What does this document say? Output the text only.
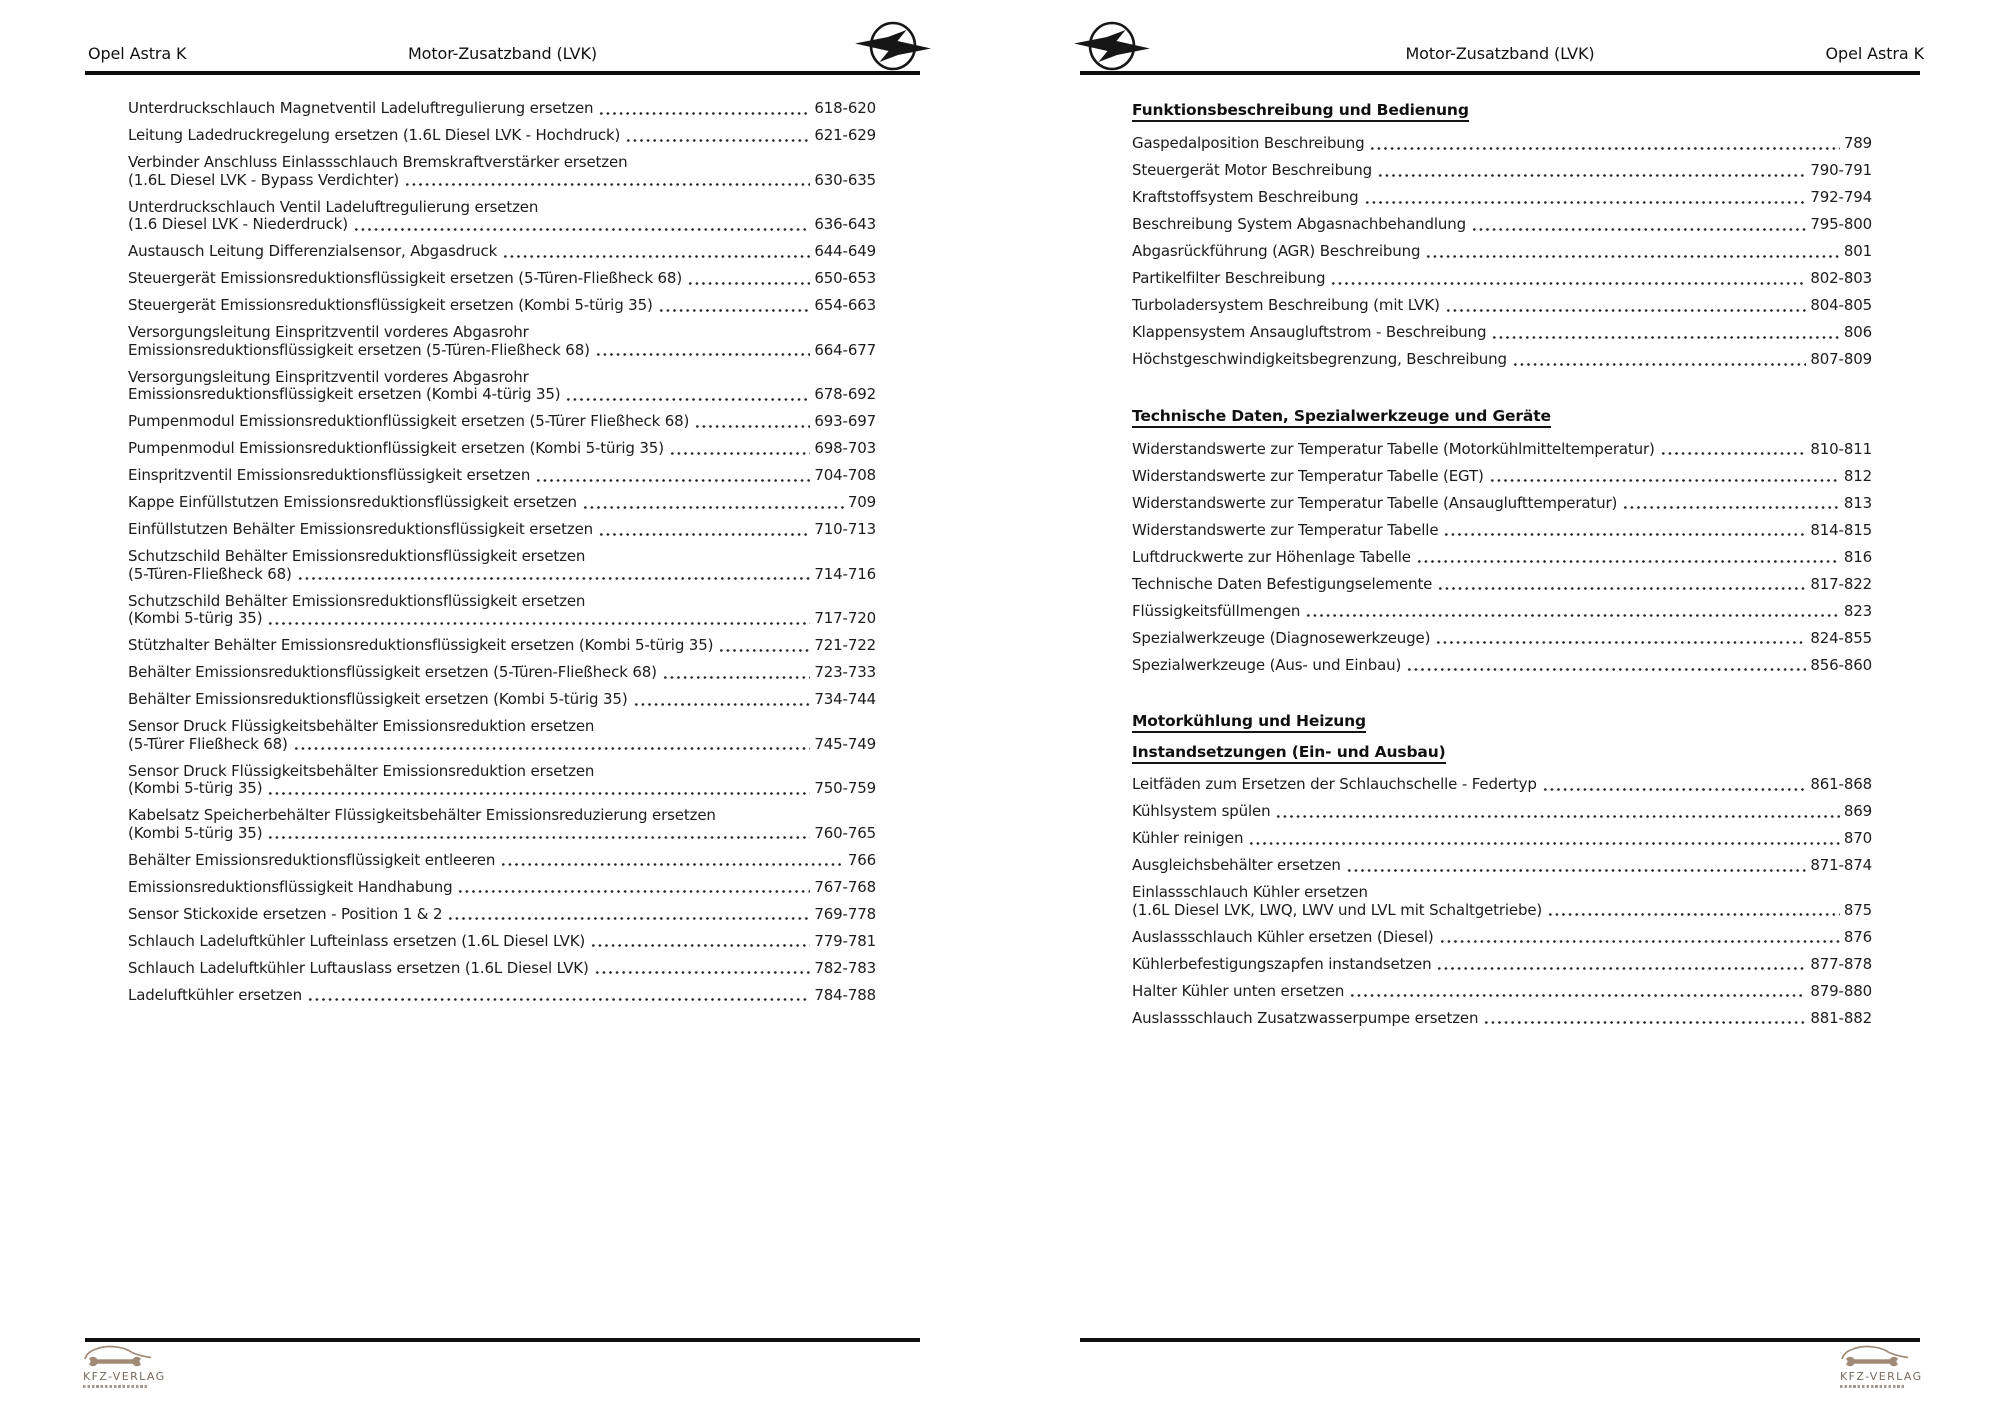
Opel Astra K	Motor-Zusatzband (LVK)
Unterdruckschlauch Magnetventil Ladeluftregulierung ersetzen	618-620
Leitung Ladedruckregelung ersetzen (1.6L Diesel LVK - Hochdruck)	621-629
Verbinder Anschluss Einlassschlauch Bremskraftverstärker ersetzen
(1.6L Diesel LVK - Bypass Verdichter)	630-635
Unterdruckschlauch Ventil Ladeluftregulierung ersetzen
(1.6 Diesel LVK - Niederdruck)	636-643
Austausch Leitung Differenzialsensor, Abgasdruck	644-649
Steuergerät Emissionsreduktionsflüssigkeit ersetzen (5-Türen-Fließheck 68)	650-653
Steuergerät Emissionsreduktionsflüssigkeit ersetzen (Kombi 5-türig 35)	654-663
Versorgungsleitung Einspritzventil vorderes Abgasrohr
Emissionsreduktionsflüssigkeit ersetzen (5-Türen-Fließheck 68)	664-677
Versorgungsleitung Einspritzventil vorderes Abgasrohr
Emissionsreduktionsflüssigkeit ersetzen (Kombi 4-türig 35)	678-692
Pumpenmodul Emissionsreduktionflüssigkeit ersetzen (5-Türer Fließheck 68)	693-697
Pumpenmodul Emissionsreduktionflüssigkeit ersetzen (Kombi 5-türig 35)	698-703
Einspritzventil Emissionsreduktionsflüssigkeit ersetzen	704-708
Kappe Einfüllstutzen Emissionsreduktionsflüssigkeit ersetzen	709
Einfüllstutzen Behälter Emissionsreduktionsflüssigkeit ersetzen	710-713
Schutzschild Behälter Emissionsreduktionsflüssigkeit ersetzen
(5-Türen-Fließheck 68)	714-716
Schutzschild Behälter Emissionsreduktionsflüssigkeit ersetzen
(Kombi 5-türig 35)	717-720
Stützhalter Behälter Emissionsreduktionsflüssigkeit ersetzen (Kombi 5-türig 35)	721-722
Behälter Emissionsreduktionsflüssigkeit ersetzen (5-Türen-Fließheck 68)	723-733
Behälter Emissionsreduktionsflüssigkeit ersetzen (Kombi 5-türig 35)	734-744
Sensor Druck Flüssigkeitsbehälter Emissionsreduktion ersetzen
(5-Türer Fließheck 68)	745-749
Sensor Druck Flüssigkeitsbehälter Emissionsreduktion ersetzen
(Kombi 5-türig 35)	750-759
Kabelsatz Speicherbehälter Flüssigkeitsbehälter Emissionsreduzierung ersetzen
(Kombi 5-türig 35)	760-765
Behälter Emissionsreduktionsflüssigkeit entleeren	766
Emissionsreduktionsflüssigkeit Handhabung	767-768
Sensor Stickoxide ersetzen - Position 1 & 2	769-778
Schlauch Ladeluftkühler Lufteinlass ersetzen (1.6L Diesel LVK)	779-781
Schlauch Ladeluftkühler Luftauslass ersetzen (1.6L Diesel LVK)	782-783
Ladeluftkühler ersetzen	784-788
KFZ-VERLAG
Motor-Zusatzband (LVK)	Opel Astra K
Funktionsbeschreibung und Bedienung
Gaspedalposition Beschreibung	789
Steuergerät Motor Beschreibung	790-791
Kraftstoffsystem Beschreibung	792-794
Beschreibung System Abgasnachbehandlung	795-800
Abgasrückführung (AGR) Beschreibung	801
Partikelfilter Beschreibung	802-803
Turboladersystem Beschreibung (mit LVK)	804-805
Klappensystem Ansaugluftstrom - Beschreibung	806
Höchstgeschwindigkeitsbegrenzung, Beschreibung	807-809
Technische Daten, Spezialwerkzeuge und Geräte
Widerstandswerte zur Temperatur Tabelle (Motorkühlmitteltemperatur)	810-811
Widerstandswerte zur Temperatur Tabelle (EGT)	812
Widerstandswerte zur Temperatur Tabelle (Ansauglufttemperatur)	813
Widerstandswerte zur Temperatur Tabelle	814-815
Luftdruckwerte zur Höhenlage Tabelle	816
Technische Daten Befestigungselemente	817-822
Flüssigkeitsfüllmengen	823
Spezialwerkzeuge (Diagnosewerkzeuge)	824-855
Spezialwerkzeuge (Aus- und Einbau)	856-860
Motorkühlung und Heizung
Instandsetzungen (Ein- und Ausbau)
Leitfäden zum Ersetzen der Schlauchschelle - Federtyp	861-868
Kühlsystem spülen	869
Kühler reinigen	870
Ausgleichsbehälter ersetzen	871-874
Einlassschlauch Kühler ersetzen
(1.6L Diesel LVK, LWQ, LWV und LVL mit Schaltgetriebe)	875
Auslassschlauch Kühler ersetzen (Diesel)	876
Kühlerbefestigungszapfen instandsetzen	877-878
Halter Kühler unten ersetzen	879-880
Auslassschlauch Zusatzwasserpumpe ersetzen	881-882
KFZ-VERLAG
